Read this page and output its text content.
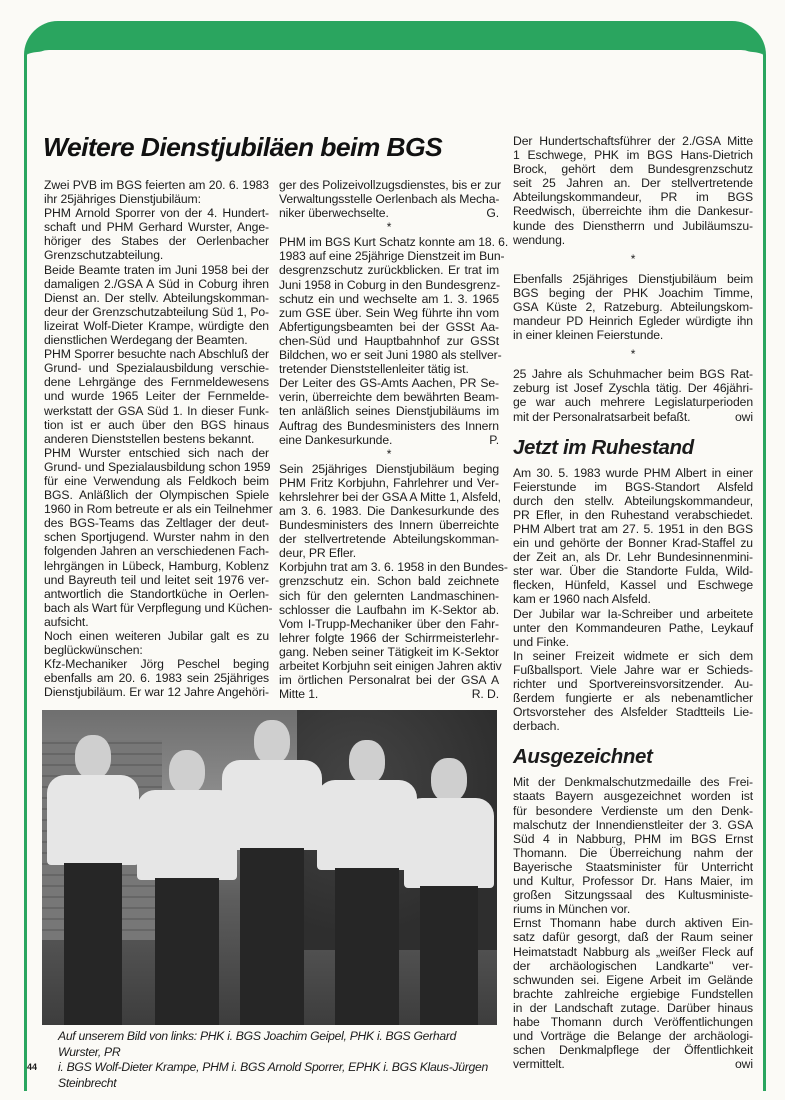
Weitere Dienstjubiläen beim BGS
Zwei PVB im BGS feierten am 20. 6. 1983
ihr 25jähriges Dienstjubiläum:
PHM Arnold Sporrer von der 4. Hundert-
schaft und PHM Gerhard Wurster, Ange-
höriger des Stabes der Oerlenbacher
Grenzschutzabteilung.
Beide Beamte traten im Juni 1958 bei der
damaligen 2./GSA A Süd in Coburg ihren
Dienst an. Der stellv. Abteilungskomman-
deur der Grenzschutzabteilung Süd 1, Po-
lizeirat Wolf-Dieter Krampe, würdigte den
dienstlichen Werdegang der Beamten.
PHM Sporrer besuchte nach Abschluß der
Grund- und Spezialausbildung verschie-
dene Lehrgänge des Fernmeldewesens
und wurde 1965 Leiter der Fernmelde-
werkstatt der GSA Süd 1. In dieser Funk-
tion ist er auch über den BGS hinaus
anderen Dienststellen bestens bekannt.
PHM Wurster entschied sich nach der
Grund- und Spezialausbildung schon 1959
für eine Verwendung als Feldkoch beim
BGS. Anläßlich der Olympischen Spiele
1960 in Rom betreute er als ein Teilnehmer
des BGS-Teams das Zeltlager der deut-
schen Sportjugend. Wurster nahm in den
folgenden Jahren an verschiedenen Fach-
lehrgängen in Lübeck, Hamburg, Koblenz
und Bayreuth teil und leitet seit 1976 ver-
antwortlich die Standortküche in Oerlen-
bach als Wart für Verpflegung und Küchen-
aufsicht.
Noch einen weiteren Jubilar galt es zu
beglückwünschen:
Kfz-Mechaniker Jörg Peschel beging
ebenfalls am 20. 6. 1983 sein 25jähriges
Dienstjubiläum. Er war 12 Jahre Angehöri-
ger des Polizeivollzugsdienstes, bis er zur
Verwaltungsstelle Oerlenbach als Mecha-
niker überwechselte.	G.
*
PHM im BGS Kurt Schatz konnte am 18. 6.
1983 auf eine 25jährige Dienstzeit im Bun-
desgrenzschutz zurückblicken. Er trat im
Juni 1958 in Coburg in den Bundesgrenz-
schutz ein und wechselte am 1. 3. 1965
zum GSE über. Sein Weg führte ihn vom
Abfertigungsbeamten bei der GSSt Aa-
chen-Süd und Hauptbahnhof zur GSSt
Bildchen, wo er seit Juni 1980 als stellver-
tretender Dienststellenleiter tätig ist.
Der Leiter des GS-Amts Aachen, PR Se-
verin, überreichte dem bewährten Beam-
ten anläßlich seines Dienstjubiläums im
Auftrag des Bundesministers des Innern
eine Dankesurkunde.	P.
*
Sein 25jähriges Dienstjubiläum beging
PHM Fritz Korbjuhn, Fahrlehrer und Ver-
kehrslehrer bei der GSA A Mitte 1, Alsfeld,
am 3. 6. 1983. Die Dankesurkunde des
Bundesministers des Innern überreichte
der stellvertretende Abteilungskomman-
deur, PR Efler.
Korbjuhn trat am 3. 6. 1958 in den Bundes-
grenzschutz ein. Schon bald zeichnete
sich für den gelernten Landmaschinen-
schlosser die Laufbahn im K-Sektor ab.
Vom I-Trupp-Mechaniker über den Fahr-
lehrer folgte 1966 der Schirrmeisterlehr-
gang. Neben seiner Tätigkeit im K-Sektor
arbeitet Korbjuhn seit einigen Jahren aktiv
im örtlichen Personalrat bei der GSA A
Mitte 1.	R. D.
Der Hundertschaftsführer der 2./GSA Mitte
1 Eschwege, PHK im BGS Hans-Dietrich
Brock, gehört dem Bundesgrenzschutz
seit 25 Jahren an. Der stellvertretende
Abteilungskommandeur, PR im BGS
Reedwisch, überreichte ihm die Dankesur-
kunde des Dienstherrn und Jubiläumszu-
wendung.
*
Ebenfalls 25jähriges Dienstjubiläum beim
BGS beging der PHK Joachim Timme,
GSA Küste 2, Ratzeburg. Abteilungskom-
mandeur PD Heinrich Egleder würdigte ihn
in einer kleinen Feierstunde.
*
25 Jahre als Schuhmacher beim BGS Rat-
zeburg ist Josef Zyschla tätig. Der 46jähri-
ge war auch mehrere Legislaturperioden
mit der Personalratsarbeit befaßt.	owi
Jetzt im Ruhestand
Am 30. 5. 1983 wurde PHM Albert in einer
Feierstunde im BGS-Standort Alsfeld
durch den stellv. Abteilungskommandeur,
PR Efler, in den Ruhestand verabschiedet.
PHM Albert trat am 27. 5. 1951 in den BGS
ein und gehörte der Bonner Krad-Staffel zu
der Zeit an, als Dr. Lehr Bundesinnenmini-
ster war. Über die Standorte Fulda, Wild-
flecken, Hünfeld, Kassel und Eschwege
kam er 1960 nach Alsfeld.
Der Jubilar war Ia-Schreiber und arbeitete
unter den Kommandeuren Pathe, Leykauf
und Finke.
In seiner Freizeit widmete er sich dem
Fußballsport. Viele Jahre war er Schieds-
richter und Sportvereinsvorsitzender. Au-
ßerdem fungierte er als nebenamtlicher
Ortsvorsteher des Alsfelder Stadtteils Lie-
derbach.
Ausgezeichnet
Mit der Denkmalschutzmedaille des Frei-
staats Bayern ausgezeichnet worden ist
für besondere Verdienste um den Denk-
malschutz der Innendienstleiter der 3. GSA
Süd 4 in Nabburg, PHM im BGS Ernst
Thomann. Die Überreichung nahm der
Bayerische Staatsminister für Unterricht
und Kultur, Professor Dr. Hans Maier, im
großen Sitzungssaal des Kultusministe-
riums in München vor.
Ernst Thomann habe durch aktiven Ein-
satz dafür gesorgt, daß der Raum seiner
Heimatstadt Nabburg als „weißer Fleck auf
der archäologischen Landkarte" ver-
schwunden sei. Eigene Arbeit im Gelände
brachte zahlreiche ergiebige Fundstellen
in der Landschaft zutage. Darüber hinaus
habe Thomann durch Veröffentlichungen
und Vorträge die Belange der archäologi-
schen Denkmalpflege der Öffentlichkeit
vermittelt.	owi
Auf unserem Bild von links: PHK i. BGS Joachim Geipel, PHK i. BGS Gerhard Wurster, PR
i. BGS Wolf-Dieter Krampe, PHM i. BGS Arnold Sporrer, EPHK i. BGS Klaus-Jürgen
Steinbrecht
44
